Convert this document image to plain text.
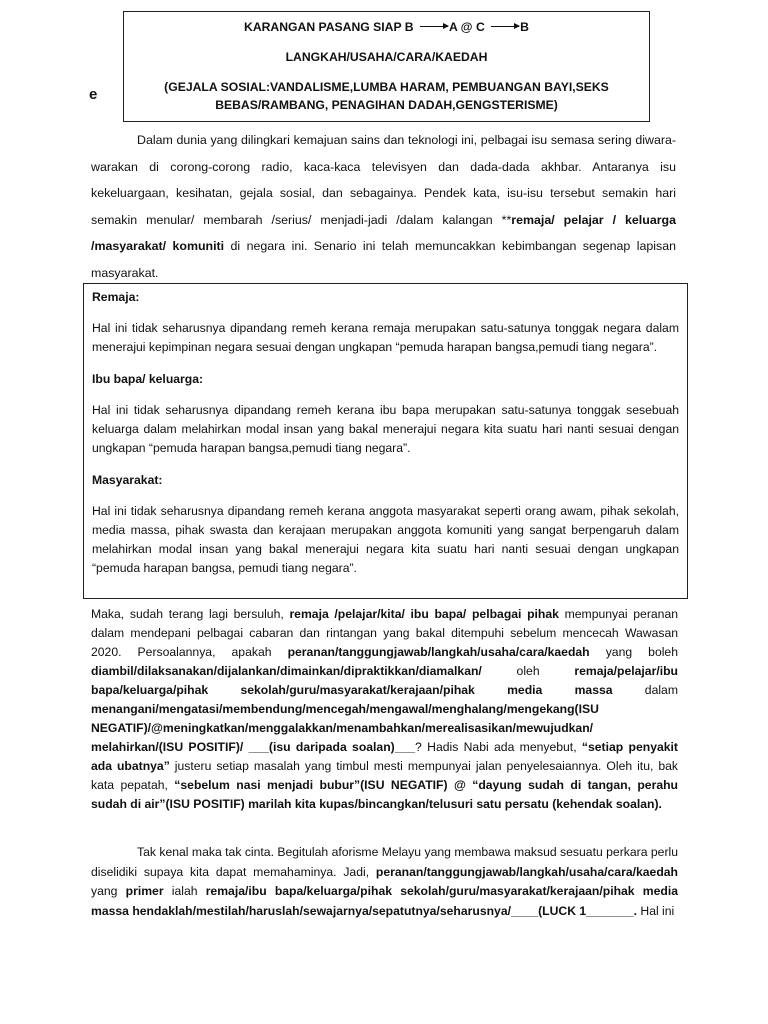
e
KARANGAN PASANG SIAP B	A @ C	B
LANGKAH/USAHA/CARA/KAEDAH
(GEJALA SOSIAL:VANDALISME,LUMBA HARAM, PEMBUANGAN BAYI,SEKS BEBAS/RAMBANG, PENAGIHAN DADAH,GENGSTERISME)

Dalam dunia yang dilingkari kemajuan sains dan teknologi ini, pelbagai isu semasa sering diwara-warakan di corong-corong radio, kaca-kaca televisyen dan dada-dada akhbar. Antaranya isu kekeluargaan, kesihatan, gejala sosial, dan sebagainya. Pendek kata, isu-isu tersebut semakin hari semakin menular/ membarah /serius/ menjadi-jadi /dalam kalangan **remaja/ pelajar / keluarga /masyarakat/ komuniti di negara ini. Senario ini telah memuncakkan kebimbangan segenap lapisan masyarakat.

Remaja:

Hal ini tidak seharusnya dipandang remeh kerana remaja merupakan satu-satunya tonggak negara dalam menerajui kepimpinan negara sesuai dengan ungkapan “pemuda harapan bangsa,pemudi tiang negara”.

Ibu bapa/ keluarga:

Hal ini tidak seharusnya dipandang remeh kerana ibu bapa merupakan satu-satunya tonggak sesebuah keluarga dalam melahirkan modal insan yang bakal menerajui negara kita suatu hari nanti sesuai dengan ungkapan “pemuda harapan bangsa,pemudi tiang negara”.

Masyarakat:

Hal ini tidak seharusnya dipandang remeh kerana anggota masyarakat seperti orang awam, pihak sekolah, media massa, pihak swasta dan kerajaan merupakan anggota komuniti yang sangat berpengaruh dalam melahirkan modal insan yang bakal menerajui negara kita suatu hari nanti sesuai dengan ungkapan “pemuda harapan bangsa, pemudi tiang negara”.

Maka, sudah terang lagi bersuluh, remaja /pelajar/kita/ ibu bapa/ pelbagai pihak mempunyai peranan dalam mendepani pelbagai cabaran dan rintangan yang bakal ditempuhi sebelum mencecah Wawasan 2020. Persoalannya, apakah peranan/tanggungjawab/langkah/usaha/cara/kaedah yang boleh diambil/dilaksanakan/dijalankan/dimainkan/dipraktikkan/diamalkan/ oleh remaja/pelajar/ibu bapa/keluarga/pihak sekolah/guru/masyarakat/kerajaan/pihak media massa dalam menangani/mengatasi/membendung/mencegah/mengawal/menghalang/mengekang(ISU NEGATIF)/@meningkatkan/menggalakkan/menambahkan/merealisasikan/mewujudkan/ melahirkan/(ISU POSITIF)/ ___(isu daripada soalan)___? Hadis Nabi ada menyebut, “setiap penyakit ada ubatnya” justeru setiap masalah yang timbul mesti mempunyai jalan penyelesaiannya. Oleh itu, bak kata pepatah, “sebelum nasi menjadi bubur”(ISU NEGATIF) @ “dayung sudah di tangan, perahu sudah di air”(ISU POSITIF) marilah kita kupas/bincangkan/telusuri satu persatu (kehendak soalan).

Tak kenal maka tak cinta. Begitulah aforisme Melayu yang membawa maksud sesuatu perkara perlu diselidiki supaya kita dapat memahaminya. Jadi, peranan/tanggungjawab/langkah/usaha/cara/kaedah yang primer ialah remaja/ibu bapa/keluarga/pihak sekolah/guru/masyarakat/kerajaan/pihak media massa hendaklah/mestilah/haruslah/sewajarnya/sepatutnya/seharusnya/____(LUCK 1_______. Hal ini
